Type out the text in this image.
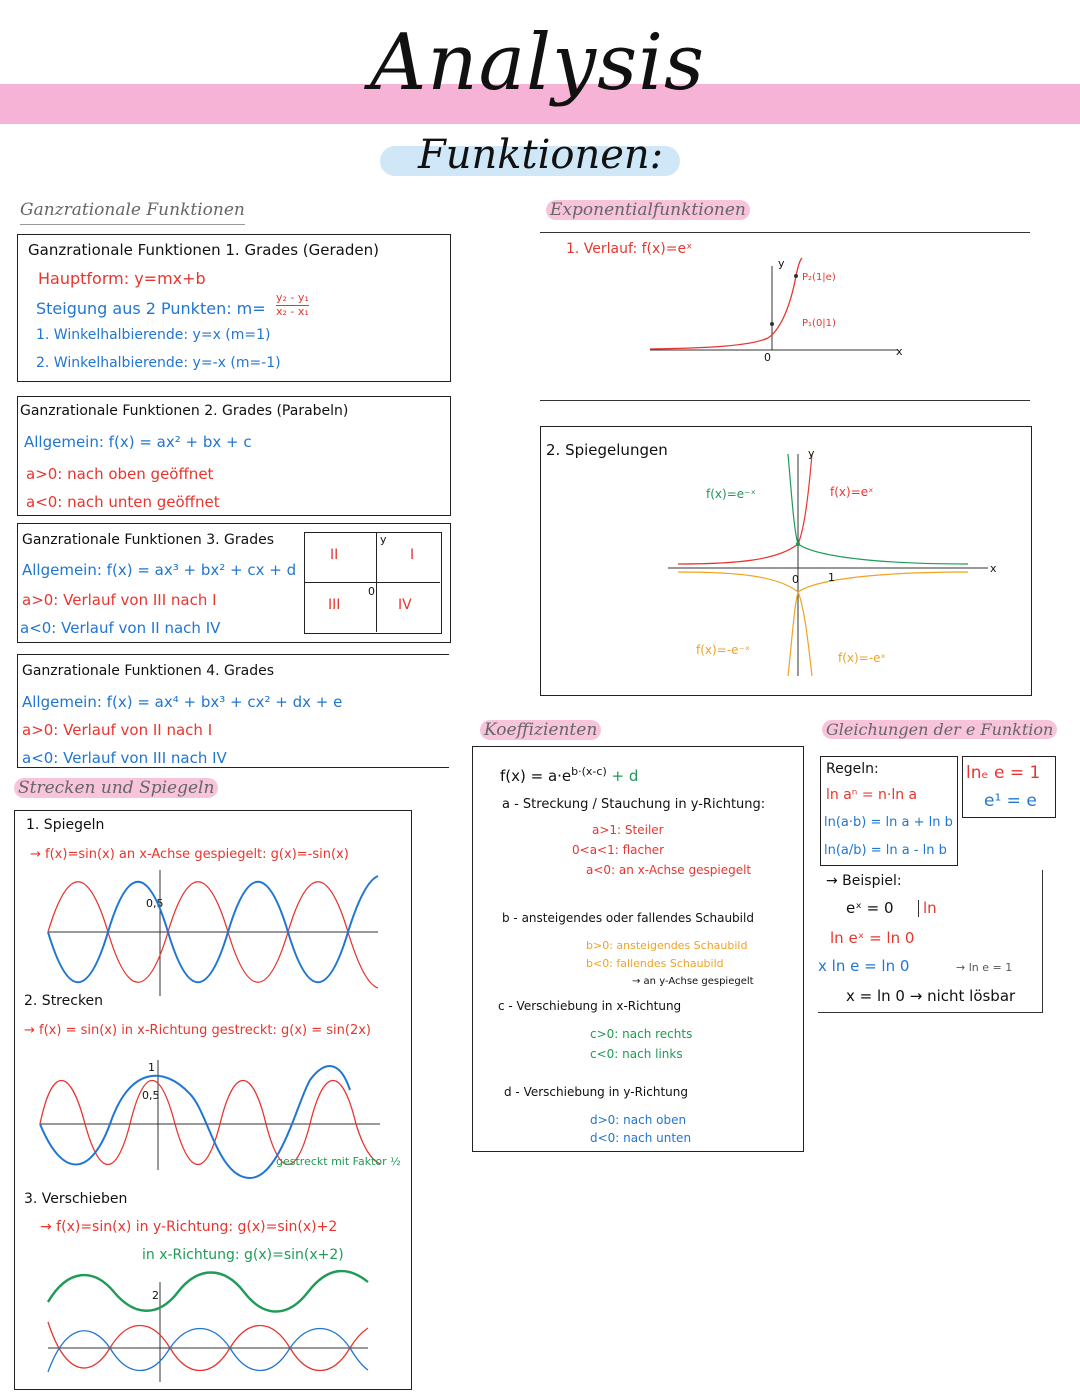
Analysis
Funktionen:
Ganzrationale Funktionen
Ganzrationale Funktionen 1. Grades (Geraden)
Hauptform: y=mx+b
Steigung aus 2 Punkten: $m= \frac{\text{y₂ - y₁}}{\text{x₂ - x₁}}$
1. Winkelhalbierende: y=x (m=1)
2. Winkelhalbierende: y=-x (m=-1)
Ganzrationale Funktionen 2. Grades (Parabeln)
Allgemein: f(x) = ax² + bx + c
a>0: nach oben geöffnet
a<0: nach unten geöffnet
Ganzrationale Funktionen 3. Grades
Allgemein: f(x) = ax³ + bx² + cx + d
a>0: Verlauf von III nach I
a<0: Verlauf von II nach IV
II	I
III	IV
y
0
Ganzrationale Funktionen 4. Grades
Allgemein: f(x) = ax⁴ + bx³ + cx² + dx + e
a>0: Verlauf von II nach I
a<0: Verlauf von III nach IV
Strecken und Spiegeln
1. Spiegeln
→ f(x)=sin(x) an x-Achse gespiegelt: g(x)=-sin(x)
0,5
2. Strecken
→ f(x) = sin(x) in x-Richtung gestreckt: g(x) = sin(2x)
1
0,5
gestreckt mit Faktor ½
3. Verschieben
→ f(x)=sin(x) in y-Richtung: g(x)=sin(x)+2
in x-Richtung: g(x)=sin(x+2)
2
Exponentialfunktionen
1. Verlauf: f(x)=eˣ
P₂(1|e)
P₁(0|1)
y
x
0
2. Spiegelungen
f(x)=e⁻ˣ	f(x)=eˣ
f(x)=-e⁻ˣ
f(x)=-eˣ
y
0	1
x
Koeffizienten
$f(x) = a\cdot e^{b\cdot(x-c)} + d$
a - Streckung / Stauchung in y-Richtung:
a>1: Steiler
0<a<1: flacher
a<0: an x-Achse gespiegelt
b - ansteigendes oder fallendes Schaubild
b>0: ansteigendes Schaubild
b<0: fallendes Schaubild
→ an y-Achse gespiegelt
c - Verschiebung in x-Richtung
c>0: nach rechts
c<0: nach links
d - Verschiebung in y-Richtung
d>0: nach oben
d<0: nach unten
Gleichungen der e Funktion
Regeln:
ln aⁿ = n·ln a
ln(a·b) = ln a + ln b
ln(a/b) = ln a - ln b
lnₑ e = 1
e¹ = e
→ Beispiel:
eˣ = 0	ln
ln eˣ = ln 0
x ln e = ln 0	→ ln e = 1
x = ln 0 → nicht lösbar
